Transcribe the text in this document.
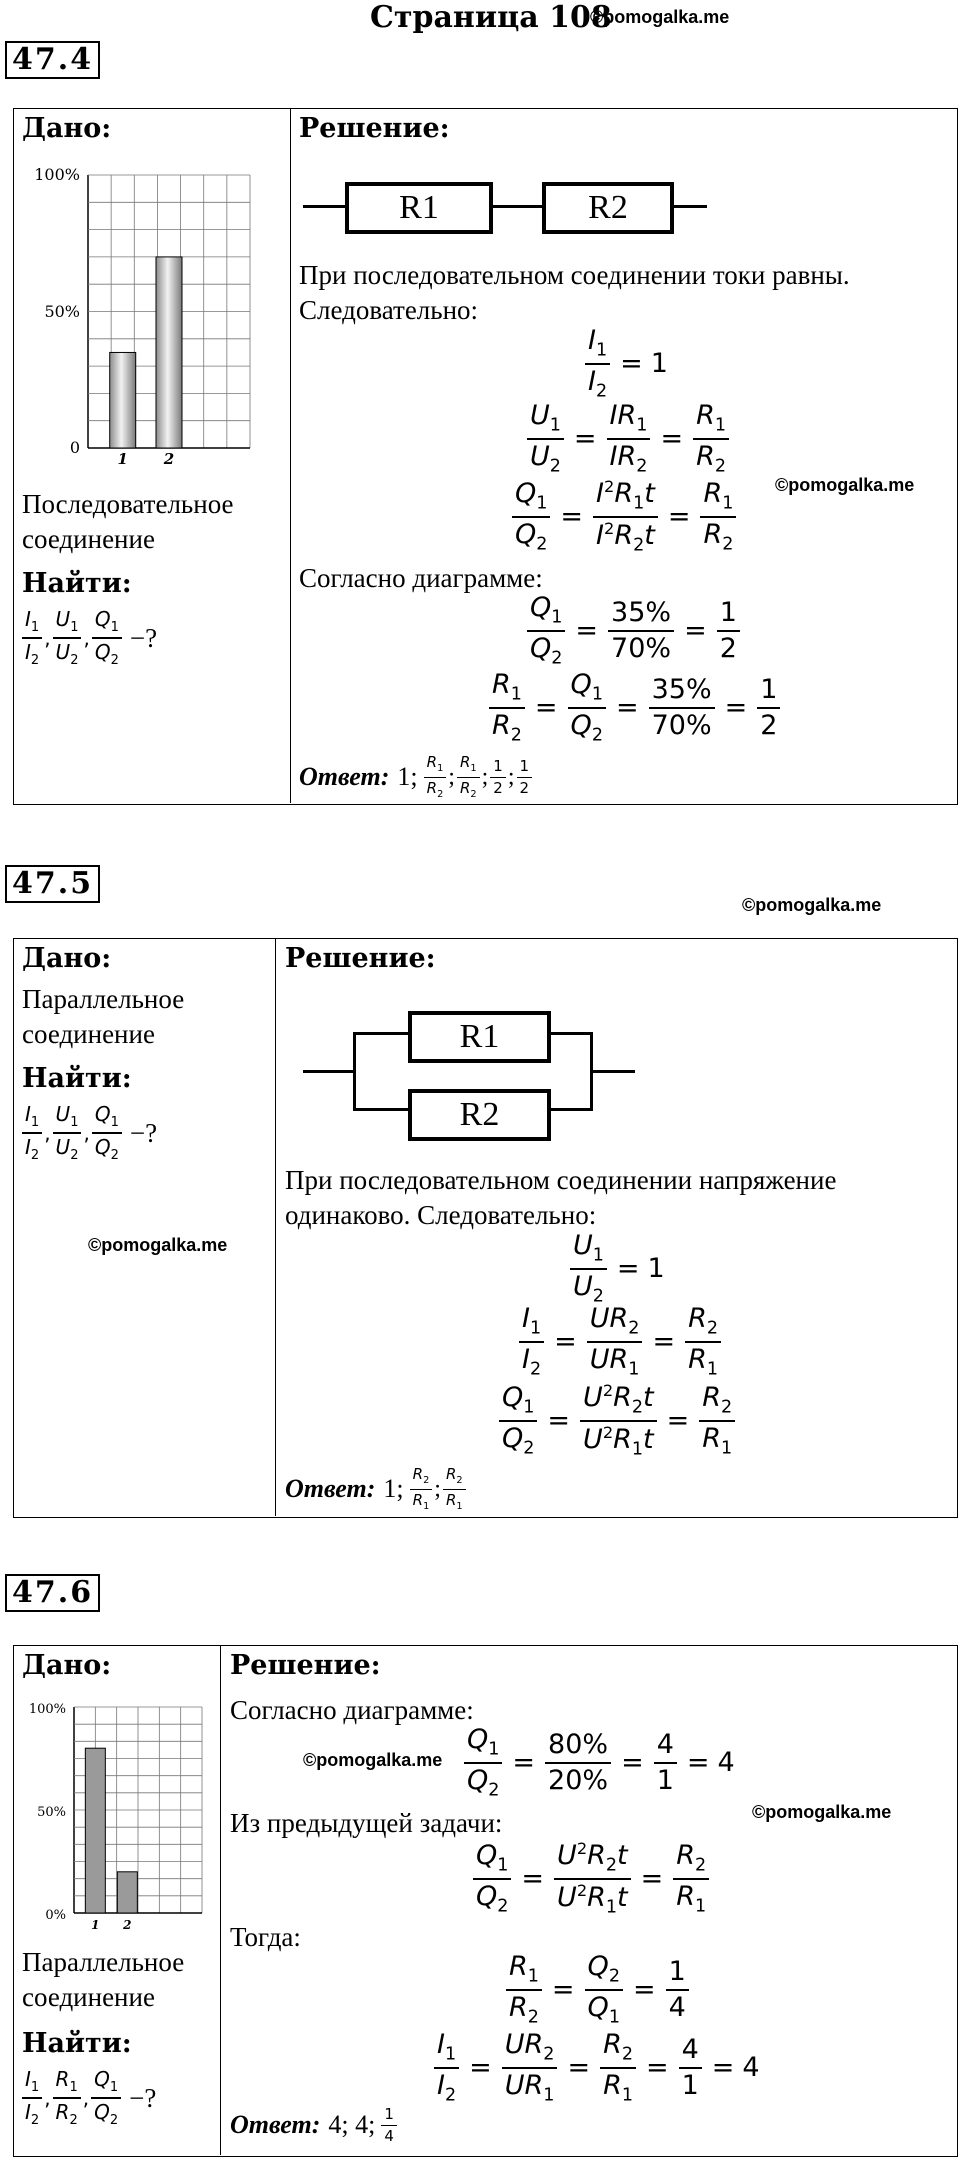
Страница 108
©pomogalka.me
47.4
Дано:
100%
50%
0
1 2
Последовательное соединение
Найти:
$I_1$
$I_2$
,
$U_1$
$U_2$
,
$Q_1$
$Q_2$
−?
Решение:
R1	R2
При последовательном соединении токи равны. Следовательно:
$\frac{I_1}{I_2} = 1$
$\frac{U_1}{U_2} = \frac{IR_1}{IR_2} = \frac{R_1}{R_2}$
©pomogalka.me
$\frac{Q_1}{Q_2} = \frac{I^2R_1t}{I^2R_2t} = \frac{R_1}{R_2}$
Согласно диаграмме:
$\frac{Q_1}{Q_2} = \frac{35\%}{70\%} = \frac{1}{2}$
$\frac{R_1}{R_2} = \frac{Q_1}{Q_2} = \frac{35\%}{70\%} = \frac{1}{2}$
Ответ: 1;
$R_1$
$R_2$
;
$R_1$
$R_2$
; 1
2 ; 1
2
47.5
©pomogalka.me
Дано:
Параллельное соединение
Найти:
$I_1$
$I_2$
,
$U_1$
$U_2$
,
$Q_1$
$Q_2$
−?
©pomogalka.me
Решение:
R1
R2
При последовательном соединении напряжение одинаково. Следовательно:
$\frac{U_1}{U_2} = 1$
$\frac{I_1}{I_2} = \frac{UR_2}{UR_1} = \frac{R_2}{R_1}$
$\frac{Q_1}{Q_2} = \frac{U^2R_2t}{U^2R_1t} = \frac{R_2}{R_1}$
Ответ: 1;
$R_2$
$R_1$
;
$R_2$
$R_1$
47.6
Дано:
100%
50%
0%
1 2
Параллельное соединение
Найти:
$I_1$
$I_2$
,
$R_1$
$R_2$
,
$Q_1$
$Q_2$
−?
Решение:
Согласно диаграмме:
©pomogalka.me $\frac{Q_1}{Q_2} = \frac{80\%}{20\%} = \frac{4}{1} = 4$
©pomogalka.me
Из предыдущей задачи:
$\frac{Q_1}{Q_2} = \frac{U^2R_2t}{U^2R_1t} = \frac{R_2}{R_1}$
Тогда:
$\frac{R_1}{R_2} = \frac{Q_2}{Q_1} = \frac{1}{4}$
$\frac{I_1}{I_2} = \frac{UR_2}{UR_1} = \frac{R_2}{R_1} = \frac{4}{1} = 4$
Ответ: 4; 4; 1
4
